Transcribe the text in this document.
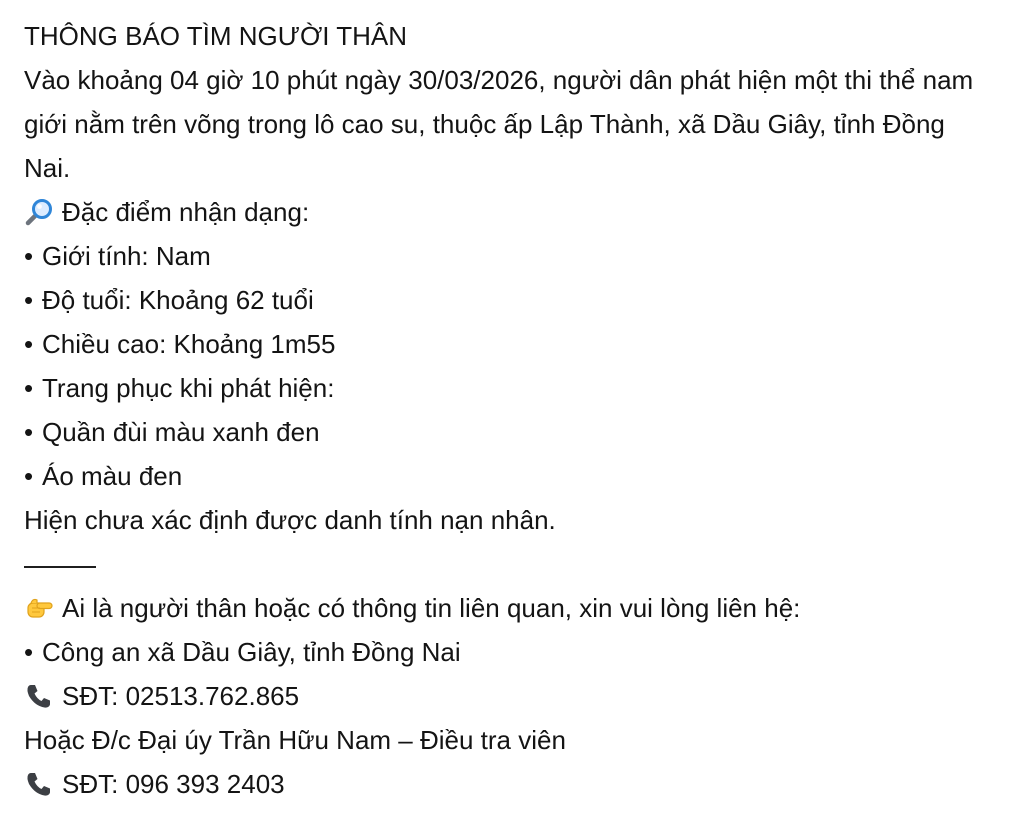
THÔNG BÁO TÌM NGƯỜI THÂN
Vào khoảng 04 giờ 10 phút ngày 30/03/2026, người dân phát hiện một thi thể nam giới nằm trên võng trong lô cao su, thuộc ấp Lập Thành, xã Dầu Giây, tỉnh Đồng Nai.
Đặc điểm nhận dạng:
• Giới tính: Nam
• Độ tuổi: Khoảng 62 tuổi
• Chiều cao: Khoảng 1m55
• Trang phục khi phát hiện:
• Quần đùi màu xanh đen
• Áo màu đen
Hiện chưa xác định được danh tính nạn nhân.
Ai là người thân hoặc có thông tin liên quan, xin vui lòng liên hệ:
• Công an xã Dầu Giây, tỉnh Đồng Nai
SĐT: 02513.762.865
Hoặc Đ/c Đại úy Trần Hữu Nam – Điều tra viên
SĐT: 096 393 2403
